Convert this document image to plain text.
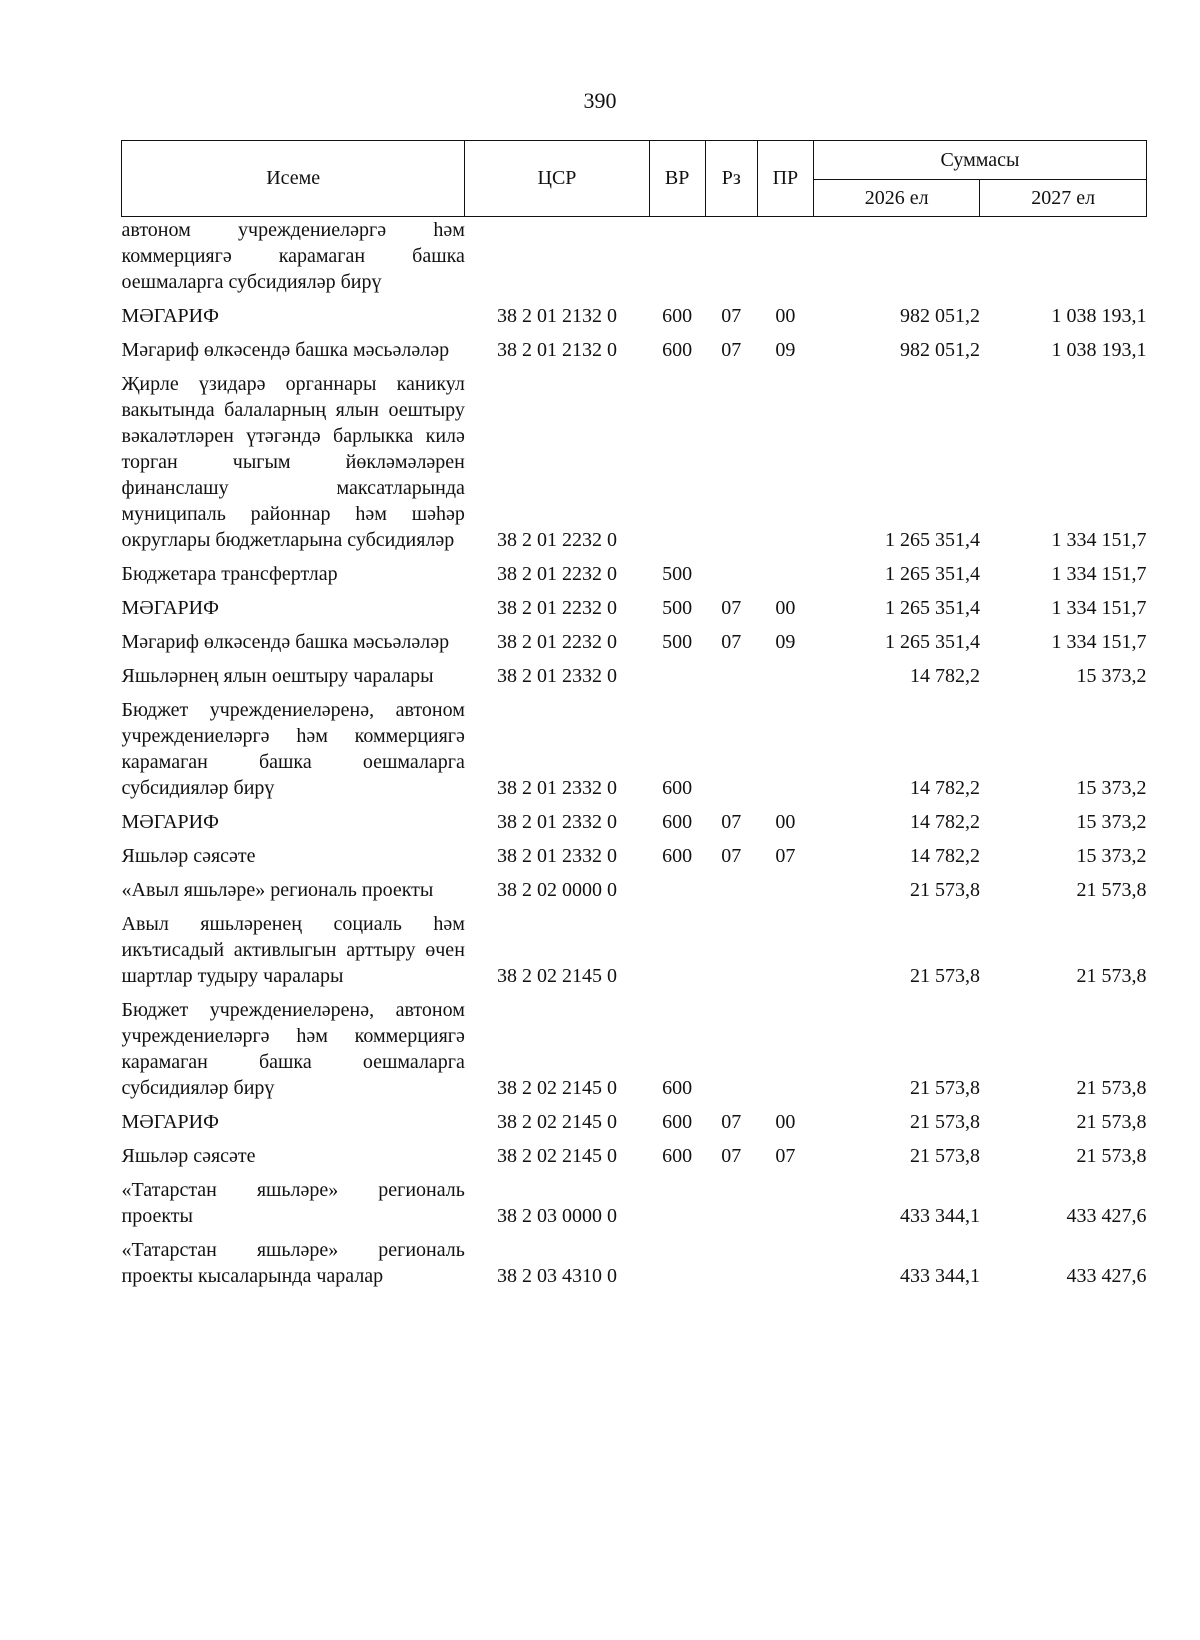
390
Исеме	ЦСР	ВР	Рз	ПР	Суммасы	
					2026 ел	2027 ел
автоном учреждениеләргә һәм коммерциягә карамаган башка оешмаларга субсидияләр бирү						
МӘГАРИФ	38 2 01 2132 0	600	07	00	982 051,2	1 038 193,1
Мәгариф өлкәсендә башка мәсьәләләр	38 2 01 2132 0	600	07	09	982 051,2	1 038 193,1
Җирле үзидарә органнары каникул вакытында балаларның ялын оештыру вәкаләтләрен үтәгәндә барлыкка килә торган чыгым йөкләмәләрен финанслашу максатларында муниципаль районнар һәм шәһәр округлары бюджетларына субсидияләр	38 2 01 2232 0				1 265 351,4	1 334 151,7
Бюджетара трансфертлар	38 2 01 2232 0	500			1 265 351,4	1 334 151,7
МӘГАРИФ	38 2 01 2232 0	500	07	00	1 265 351,4	1 334 151,7
Мәгариф өлкәсендә башка мәсьәләләр	38 2 01 2232 0	500	07	09	1 265 351,4	1 334 151,7
Яшьләрнең ялын оештыру чаралары	38 2 01 2332 0				14 782,2	15 373,2
Бюджет учреждениеләренә, автоном учреждениеләргә һәм коммерциягә карамаган башка оешмаларга субсидияләр бирү	38 2 01 2332 0	600			14 782,2	15 373,2
МӘГАРИФ	38 2 01 2332 0	600	07	00	14 782,2	15 373,2
Яшьләр сәясәте	38 2 01 2332 0	600	07	07	14 782,2	15 373,2
«Авыл яшьләре» региональ проекты	38 2 02 0000 0				21 573,8	21 573,8
Авыл яшьләренең социаль һәм икътисадый активлыгын арттыру өчен шартлар тудыру чаралары	38 2 02 2145 0				21 573,8	21 573,8
Бюджет учреждениеләренә, автоном учреждениеләргә һәм коммерциягә карамаган башка оешмаларга субсидияләр бирү	38 2 02 2145 0	600			21 573,8	21 573,8
МӘГАРИФ	38 2 02 2145 0	600	07	00	21 573,8	21 573,8
Яшьләр сәясәте	38 2 02 2145 0	600	07	07	21 573,8	21 573,8
«Татарстан яшьләре» региональ проекты	38 2 03 0000 0				433 344,1	433 427,6
«Татарстан яшьләре» региональ проекты кысаларында чаралар	38 2 03 4310 0				433 344,1	433 427,6
